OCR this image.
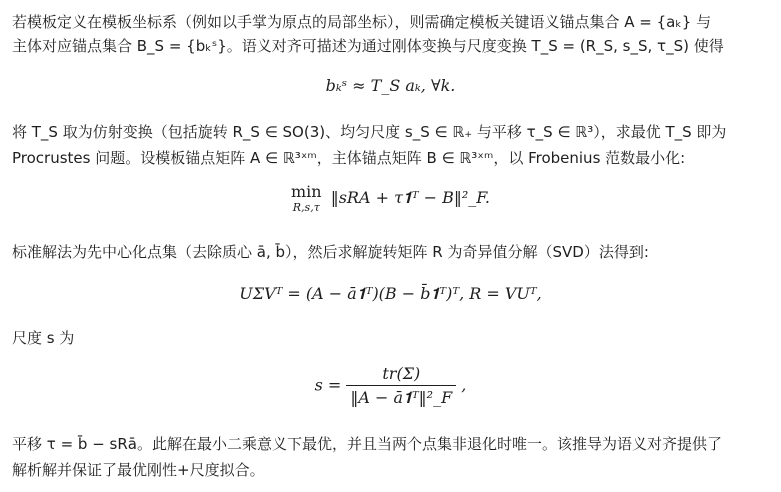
若模板定义在模板坐标系（例如以手掌为原点的局部坐标），则需确定模板关键语义锚点集合 A = {aₖ} 与
主体对应锚点集合 B_S = {bₖˢ}。语义对齐可描述为通过刚体变换与尺度变换 T_S = (R_S, s_S, τ_S) 使得
bₖˢ ≈ T_S aₖ, ∀k.
将 T_S 取为仿射变换（包括旋转 R_S ∈ SO(3)、均匀尺度 s_S ∈ ℝ₊ 与平移 τ_S ∈ ℝ³），求最优 T_S 即为
Procrustes 问题。设模板锚点矩阵 A ∈ ℝ³ˣᵐ，主体锚点矩阵 B ∈ ℝ³ˣᵐ，以 Frobenius 范数最小化:
min
R,s,τ
‖sRA + τ𝟏ᵀ − B‖²_F.
标准解法为先中心化点集（去除质心 ā, b̄），然后求解旋转矩阵 R 为奇异值分解（SVD）法得到:
UΣVᵀ = (A − ā𝟏ᵀ)(B − b̄𝟏ᵀ)ᵀ, R = VUᵀ,
尺度 s 为
$s = \frac{tr(\Sigma)}{\text{‖A − ā𝟏ᵀ‖²\_F}}$ ,
平移 τ = b̄ − sRā。此解在最小二乘意义下最优，并且当两个点集非退化时唯一。该推导为语义对齐提供了
解析解并保证了最优刚性+尺度拟合。
